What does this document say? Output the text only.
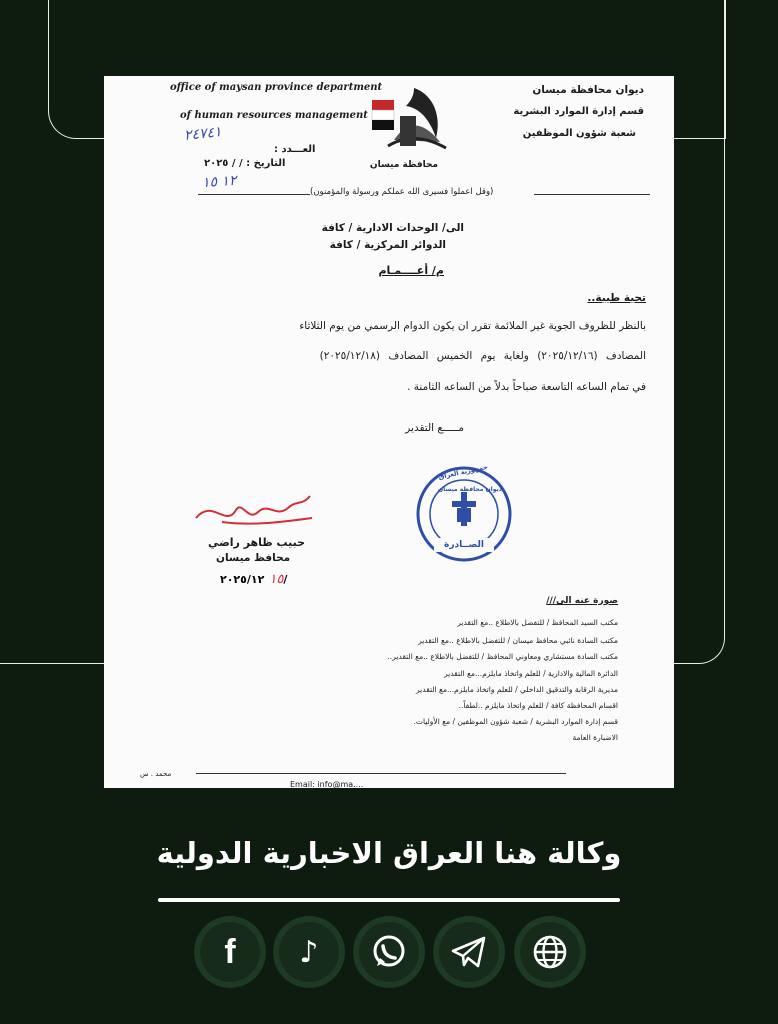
office of maysan province department
of human resources management
ديوان محافظة ميسان
قسم إدارة الموارد البشرية
شعبة شؤون الموظفين
محافظة ميسان
العـــدد :
التاريخ : / / ٢٠٢٥
٢٤٧٤١
١٢ ١٥
(وقل اعملوا فسيرى الله عملكم ورسولة والمؤمنون)
الى/ الوحدات الادارية / كافة
الدوائر المركزية / كافة
م/ أعــــمـام
تحية طيبة..
بالنظر للظروف الجوية غير الملائمة تقرر ان يكون الدوام الرسمي من يوم الثلاثاء
المصادف (٢٠٢٥/١٢/١٦) ولغاية يوم الخميس المصادف (٢٠٢٥/١٢/١٨)
في تمام الساعه التاسعة صباحاً بدلاً من الساعه الثامنة .
مـــــع التقدير
جمهورية العراق
ديوان محافظة ميسان
الصــادرة
حبيب ظاهر راضي
محافظ ميسان
١٥ ٢٠٢٥/١٢/
صورة عنه الى///
مكتب السيد المحافظ / للتفضل بالاطلاع ..مع التقدير
مكتب السادة نائبي محافظ ميسان / للتفضل بالاطلاع ..مع التقدير
مكتب السادة مستشاري ومعاوني المحافظ / للتفضل بالاطلاع ..مع التقدير..
الدائرة المالية والادارية / للعلم واتخاذ مايلزم...مع التقدير
مديرية الرقابة والتدقيق الداخلي / للعلم واتخاذ مايلزم...مع التقدير
اقسام المحافظة كافة / للعلم واتخاذ مايلزم ..لطفاً..
قسم إدارة الموارد البشرية / شعبة شؤون الموظفين / مع الأوليات.
الاضبارة العامة
محمد . س
Email: info@ma....
وكالة هنا العراق الاخبارية الدولية
f ♪
